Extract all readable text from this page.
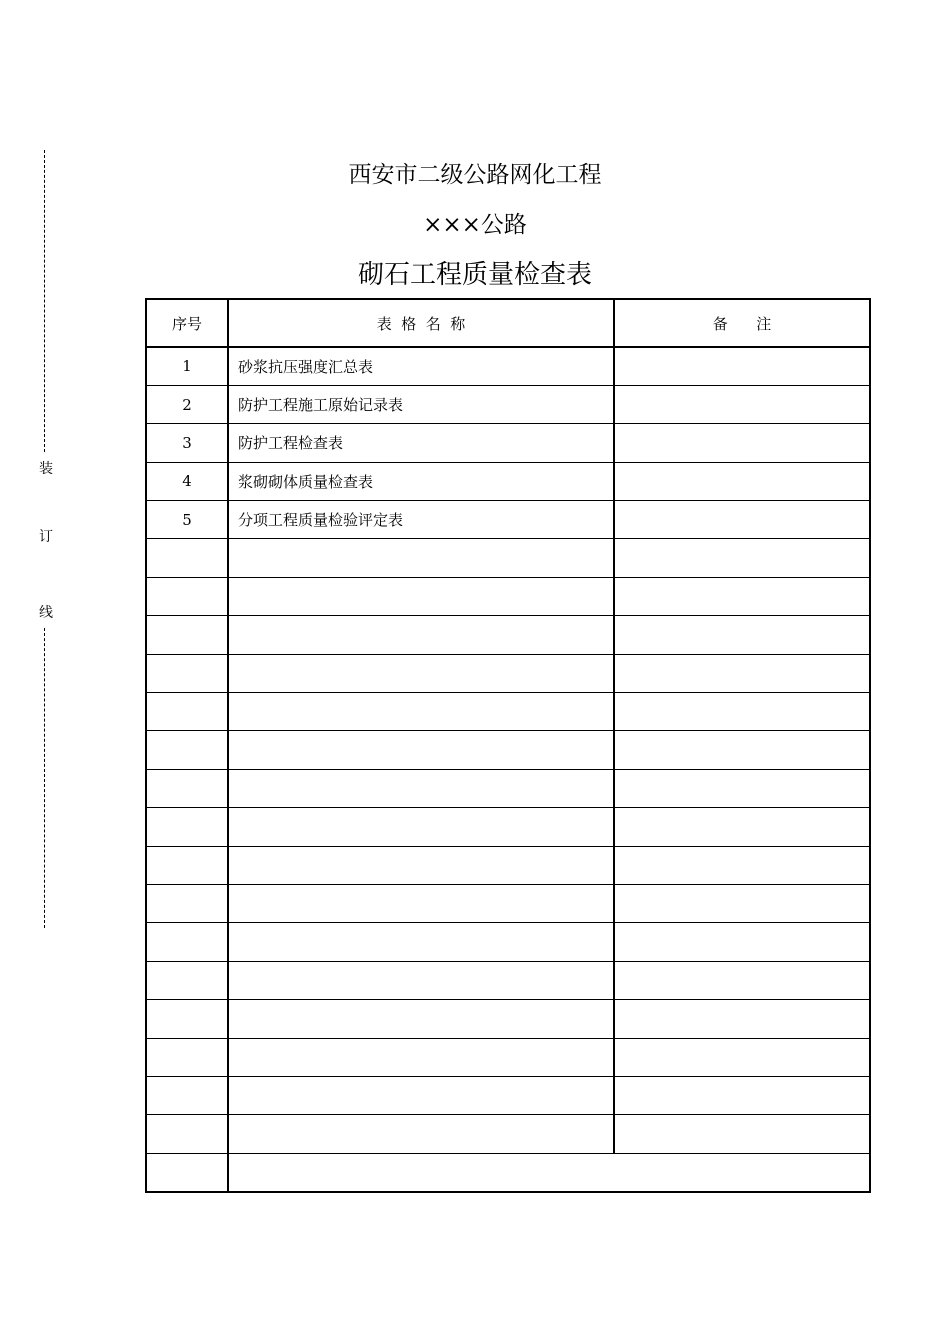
装
订
线
西安市二级公路网化工程
×××公路
砌石工程质量检查表
序号	表  格  名  称	备      注
1	砂浆抗压强度汇总表	
2	防护工程施工原始记录表	
3	防护工程检查表	
4	浆砌砌体质量检查表	
5	分项工程质量检验评定表	
